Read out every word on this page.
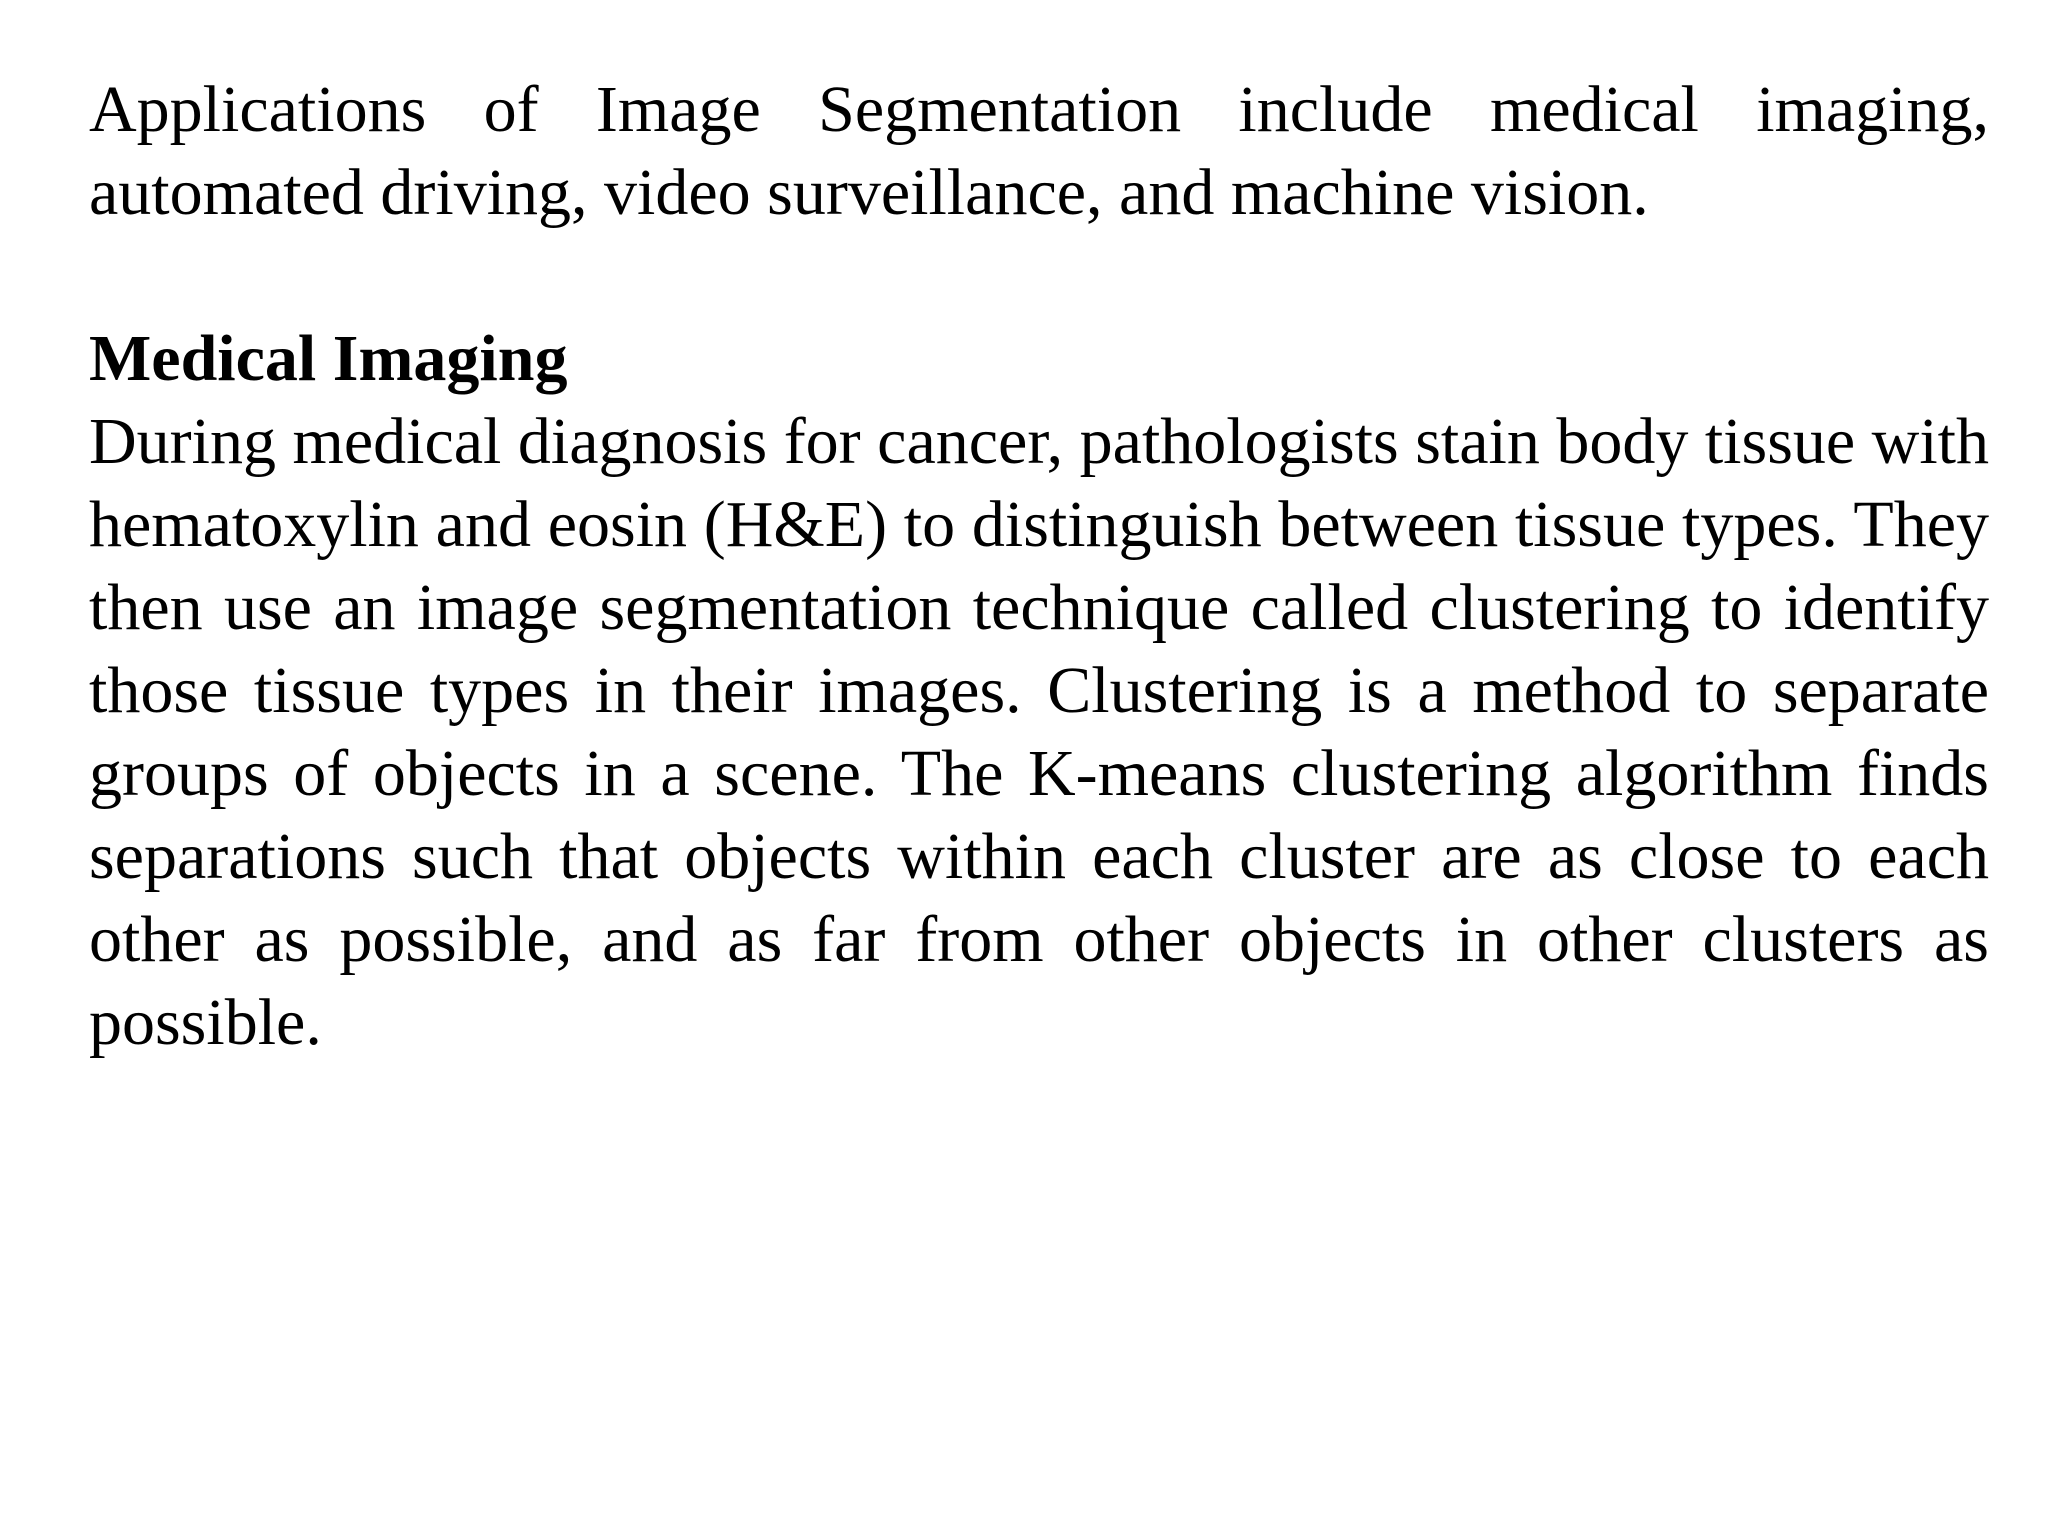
Applications of Image Segmentation include medical imaging, automated driving, video surveillance, and machine vision.

Medical Imaging

During medical diagnosis for cancer, pathologists stain body tissue with hematoxylin and eosin (H&E) to distinguish between tissue types. They then use an image segmentation technique called clustering to identify those tissue types in their images. Clustering is a method to separate groups of objects in a scene. The K-means clustering algorithm finds separations such that objects within each cluster are as close to each other as possible, and as far from other objects in other clusters as possible.
